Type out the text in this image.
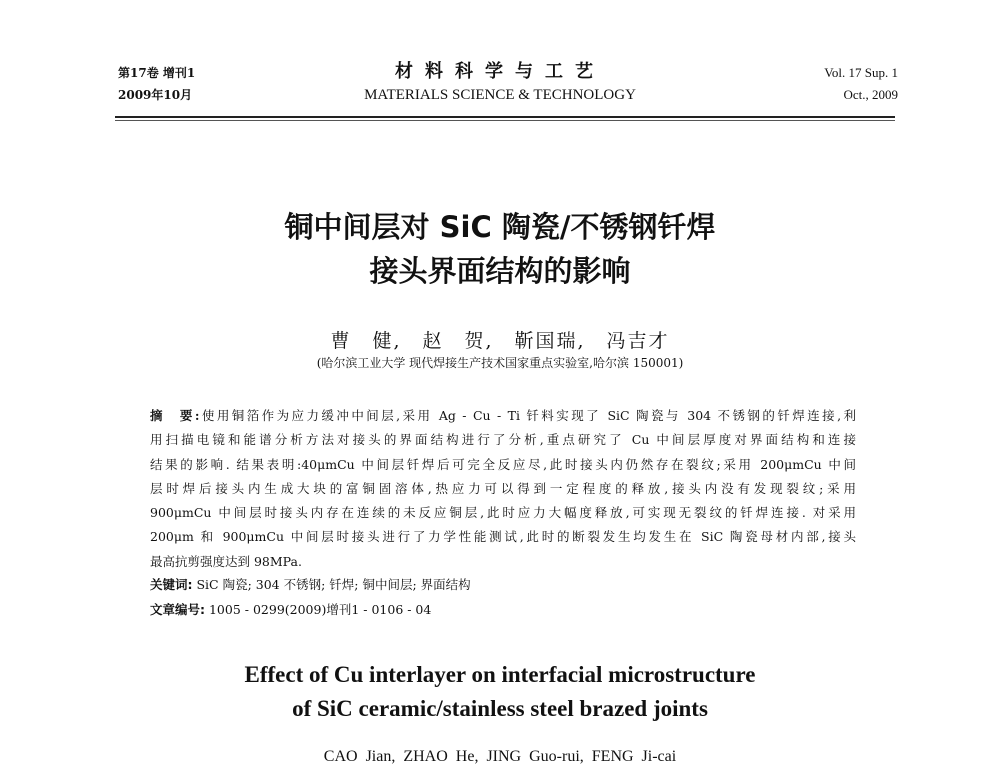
第17卷 增刊1
2009年10月
材料科学与工艺
MATERIALS SCIENCE & TECHNOLOGY
Vol. 17 Sup. 1
Oct., 2009
铜中间层对 SiC 陶瓷/不锈钢钎焊
接头界面结构的影响
曹　健,　赵　贺,　靳国瑞,　冯吉才
(哈尔滨工业大学 现代焊接生产技术国家重点实验室,哈尔滨 150001)
摘　要:使用铜箔作为应力缓冲中间层,采用 Ag - Cu - Ti 钎料实现了 SiC 陶瓷与 304 不锈钢的钎焊连接,利
用扫描电镜和能谱分析方法对接头的界面结构进行了分析,重点研究了 Cu 中间层厚度对界面结构和连接
结果的影响. 结果表明:40μmCu 中间层钎焊后可完全反应尽,此时接头内仍然存在裂纹;采用 200μmCu 中间
层时焊后接头内生成大块的富铜固溶体,热应力可以得到一定程度的释放,接头内没有发现裂纹;采用
900μmCu 中间层时接头内存在连续的未反应铜层,此时应力大幅度释放,可实现无裂纹的钎焊连接. 对采用
200μm 和 900μmCu 中间层时接头进行了力学性能测试,此时的断裂发生均发生在 SiC 陶瓷母材内部,接头
最高抗剪强度达到 98MPa.
关键词: SiC 陶瓷; 304 不锈钢; 钎焊; 铜中间层; 界面结构
文章编号: 1005 - 0299(2009)增刊1 - 0106 - 04
Effect of Cu interlayer on interfacial microstructure
of SiC ceramic/stainless steel brazed joints
CAO Jian, ZHAO He, JING Guo-rui, FENG Ji-cai
